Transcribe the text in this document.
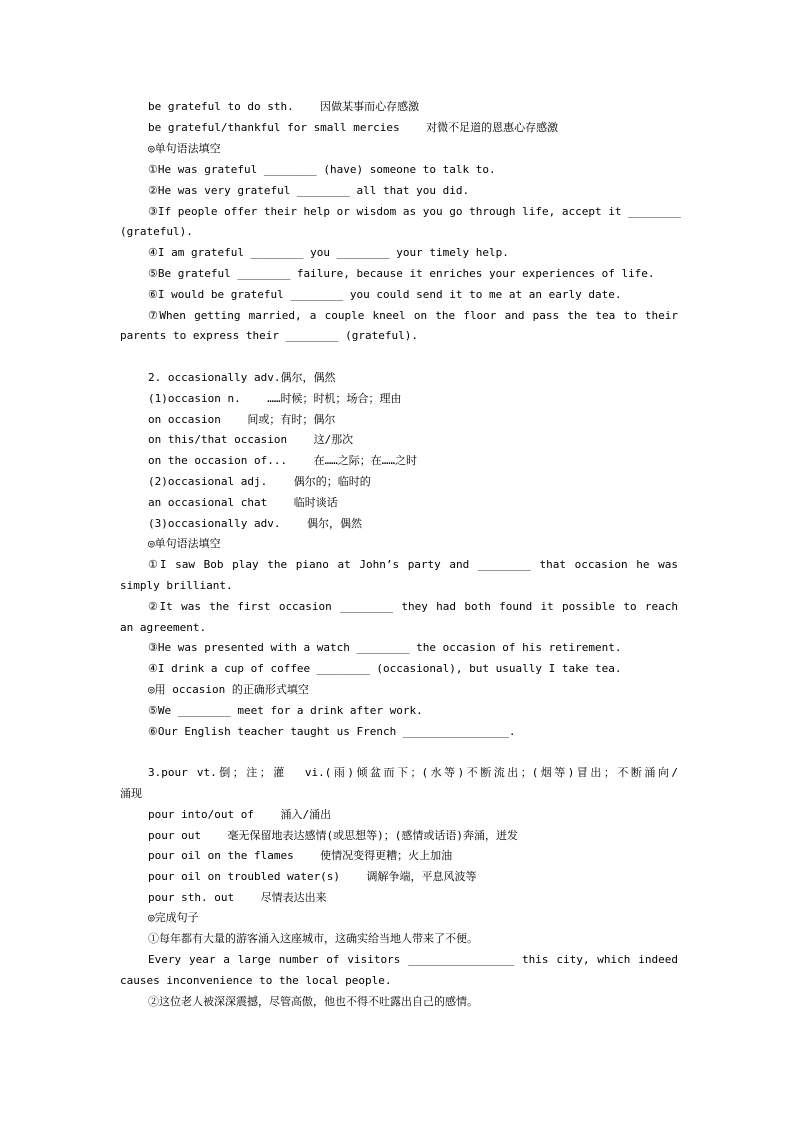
be grateful to do sth.    因做某事而心存感激
be grateful/thankful for small mercies    对微不足道的恩惠心存感激
◎单句语法填空
①He was grateful ________ (have) someone to talk to.
②He was very grateful ________ all that you did.
③If people offer their help or wisdom as you go through life, accept it ________
(grateful).
④I am grateful ________ you ________ your timely help.
⑤Be grateful ________ failure, because it enriches your experiences of life.
⑥I would be grateful ________ you could send it to me at an early date.
⑦When getting married, a couple kneel on the floor and pass the tea to their
parents to express their ________ (grateful).
2. occasionally adv.偶尔，偶然
(1)occasion n.    ……时候；时机；场合；理由
on occasion    间或；有时；偶尔
on this/that occasion    这/那次
on the occasion of...    在……之际；在……之时
(2)occasional adj.    偶尔的；临时的
an occasional chat    临时谈话
(3)occasionally adv.    偶尔，偶然
◎单句语法填空
①I saw Bob play the piano at John’s party and ________ that occasion he was
simply brilliant.
②It was the first occasion ________ they had both found it possible to reach
an agreement.
③He was presented with a watch ________ the occasion of his retirement.
④I drink a cup of coffee ________ (occasional), but usually I take tea.
◎用 occasion 的正确形式填空
⑤We ________ meet for a drink after work.
⑥Our English teacher taught us French ________________.
3.pour vt.倒；注；灌  vi.(雨)倾盆而下；(水等)不断流出；(烟等)冒出；不断涌向/
涌现
pour into/out of    涌入/涌出
pour out    毫无保留地表达感情(或思想等)；(感情或话语)奔涌，迸发
pour oil on the flames    使情况变得更糟；火上加油
pour oil on troubled water(s)    调解争端，平息风波等
pour sth. out    尽情表达出来
◎完成句子
①每年都有大量的游客涌入这座城市，这确实给当地人带来了不便。
Every year a large number of visitors ________________ this city, which indeed
causes inconvenience to the local people.
②这位老人被深深震撼，尽管高傲，他也不得不吐露出自己的感情。
